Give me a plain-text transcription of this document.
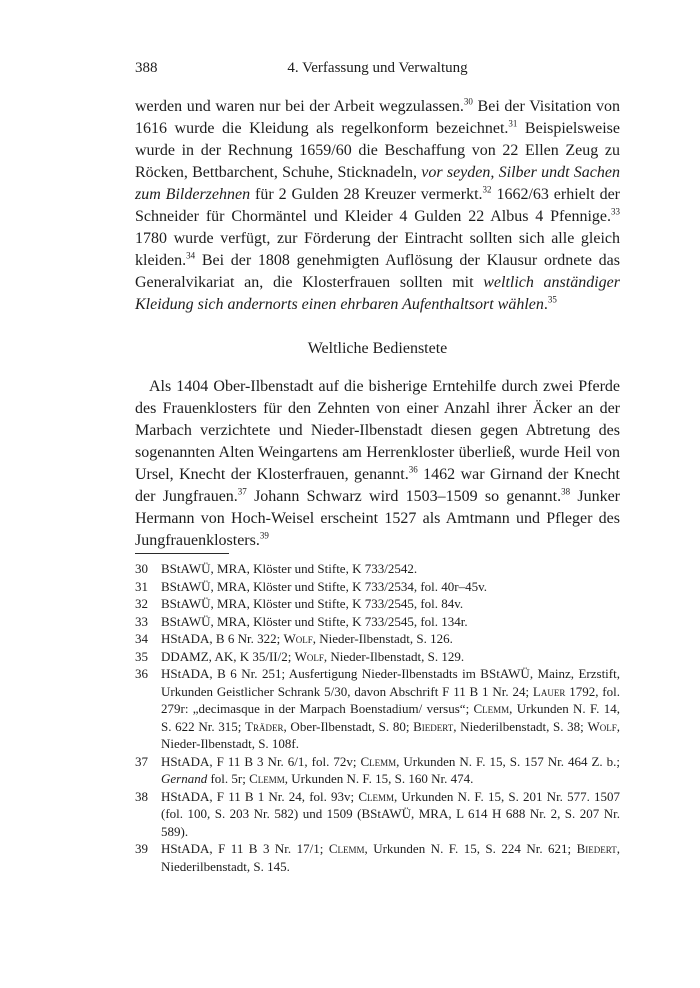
388	4. Verfassung und Verwaltung
werden und waren nur bei der Arbeit wegzulassen.$^{30}$ Bei der Visitation von 1616 wurde die Kleidung als regelkonform bezeichnet.$^{31}$ Beispielsweise wurde in der Rechnung 1659/60 die Beschaffung von 22 Ellen Zeug zu Röcken, Bettbarchent, Schuhe, Sticknadeln, vor seyden, Silber undt Sachen zum Bilderzehnen für 2 Gulden 28 Kreuzer vermerkt.$^{32}$ 1662/63 erhielt der Schneider für Chormäntel und Kleider 4 Gulden 22 Albus 4 Pfennige.$^{33}$ 1780 wurde verfügt, zur Förderung der Eintracht sollten sich alle gleich kleiden.$^{34}$ Bei der 1808 genehmigten Auflösung der Klausur ordnete das Generalvikariat an, die Klosterfrauen sollten mit weltlich anständiger Kleidung sich andernorts einen ehrbaren Aufenthaltsort wählen.$^{35}$
Weltliche Bedienstete
Als 1404 Ober-Ilbenstadt auf die bisherige Erntehilfe durch zwei Pferde des Frauenklosters für den Zehnten von einer Anzahl ihrer Äcker an der Marbach verzichtete und Nieder-Ilbenstadt diesen gegen Abtretung des sogenannten Alten Weingartens am Herrenkloster überließ, wurde Heil von Ursel, Knecht der Klosterfrauen, genannt.$^{36}$ 1462 war Girnand der Knecht der Jungfrauen.$^{37}$ Johann Schwarz wird 1503–1509 so genannt.$^{38}$ Junker Hermann von Hoch-Weisel erscheint 1527 als Amtmann und Pfleger des Jungfrauenklosters.$^{39}$
30 BStAWÜ, MRA, Klöster und Stifte, K 733/2542.
31 BStAWÜ, MRA, Klöster und Stifte, K 733/2534, fol. 40r–45v.
32 BStAWÜ, MRA, Klöster und Stifte, K 733/2545, fol. 84v.
33 BStAWÜ, MRA, Klöster und Stifte, K 733/2545, fol. 134r.
34 HStADA, B 6 Nr. 322; Wolf, Nieder-Ilbenstadt, S. 126.
35 DDAMZ, AK, K 35/II/2; Wolf, Nieder-Ilbenstadt, S. 129.
36 HStADA, B 6 Nr. 251; Ausfertigung Nieder-Ilbenstadts im BStAWÜ, Mainz, Erzstift, Urkunden Geistlicher Schrank 5/30, davon Abschrift F 11 B 1 Nr. 24; Lauer 1792, fol. 279r: „decimasque in der Marpach Boenstadium/ versus“; Clemm, Urkunden N. F. 14, S. 622 Nr. 315; Träder, Ober-Ilbenstadt, S. 80; Biedert, Niederilbenstadt, S. 38; Wolf, Nieder-Ilbenstadt, S. 108f.
37 HStADA, F 11 B 3 Nr. 6/1, fol. 72v; Clemm, Urkunden N. F. 15, S. 157 Nr. 464 Z. b.; Gernand fol. 5r; Clemm, Urkunden N. F. 15, S. 160 Nr. 474.
38 HStADA, F 11 B 1 Nr. 24, fol. 93v; Clemm, Urkunden N. F. 15, S. 201 Nr. 577. 1507 (fol. 100, S. 203 Nr. 582) und 1509 (BStAWÜ, MRA, L 614 H 688 Nr. 2, S. 207 Nr. 589).
39 HStADA, F 11 B 3 Nr. 17/1; Clemm, Urkunden N. F. 15, S. 224 Nr. 621; Biedert, Niederilbenstadt, S. 145.
